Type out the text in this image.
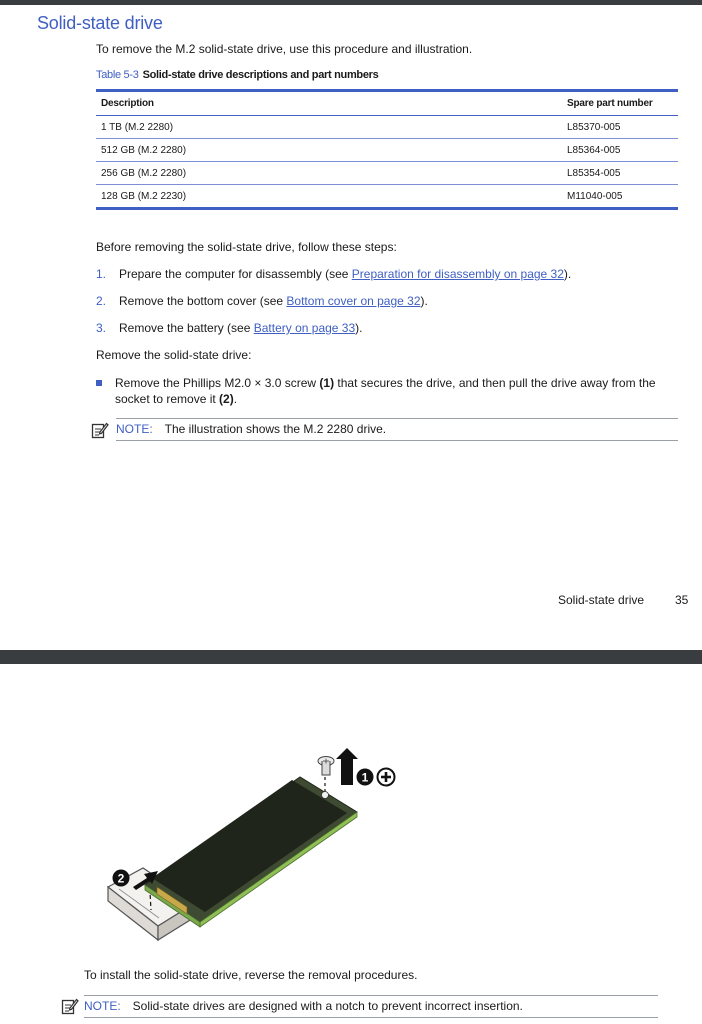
Solid-state drive
To remove the M.2 solid-state drive, use this procedure and illustration.
Table 5-3 Solid-state drive descriptions and part numbers
Description	Spare part number
1 TB (M.2 2280)	L85370-005
512 GB (M.2 2280)	L85364-005
256 GB (M.2 2280)	L85354-005
128 GB (M.2 2230)	M11040-005
Before removing the solid-state drive, follow these steps:
1. Prepare the computer for disassembly (see Preparation for disassembly on page 32).
2. Remove the bottom cover (see Bottom cover on page 32).
3. Remove the battery (see Battery on page 33).
Remove the solid-state drive:
Remove the Phillips M2.0 × 3.0 screw (1) that secures the drive, and then pull the drive away from the socket to remove it (2).
NOTE: The illustration shows the M.2 2280 drive.
Solid-state drive	35
1
2
To install the solid-state drive, reverse the removal procedures.
NOTE: Solid-state drives are designed with a notch to prevent incorrect insertion.
